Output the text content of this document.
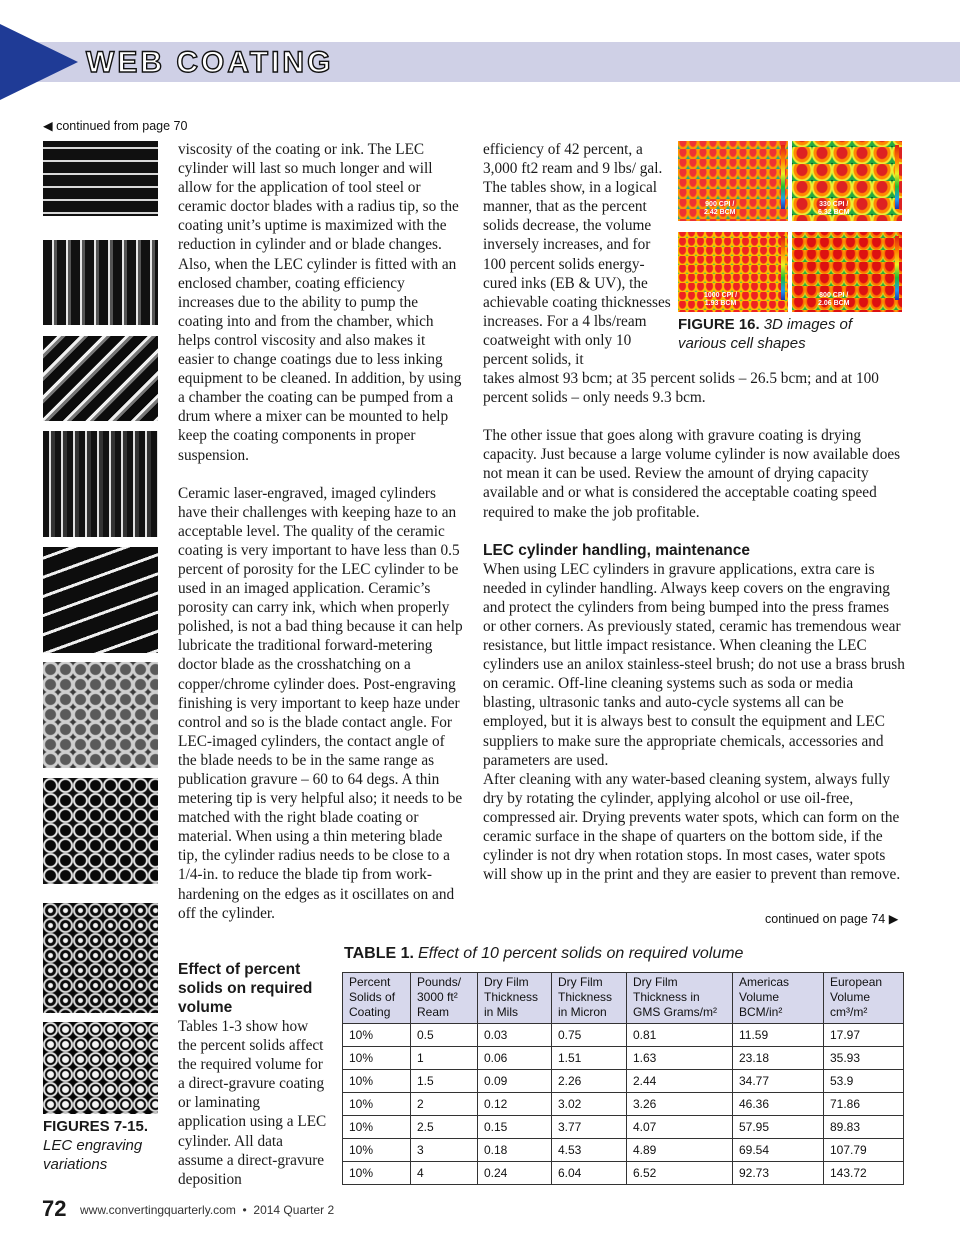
WEB COATING
◀ continued from page 70
FIGURES 7-15.
LEC engraving variations

viscosity of the coating or ink. The LEC cylinder will last so much longer and will allow for the application of tool steel or ceramic doctor blades with a radius tip, so the coating unit’s uptime is maximized with the reduction in cylinder and or blade changes. Also, when the LEC cylinder is fitted with an enclosed chamber, coating efficiency increases due to the ability to pump the coating into and from the chamber, which helps control viscosity and also makes it easier to change coatings due to less inking equipment to be cleaned. In addition, by using a chamber the coating can be pumped from a drum where a mixer can be mounted to help keep the coating components in proper suspension.

Ceramic laser-engraved, imaged cylinders have their challenges with keeping haze to an acceptable level. The quality of the ceramic coating is very important to have less than 0.5 percent of porosity for the LEC cylinder to be used in an imaged application. Ceramic’s porosity can carry ink, which when properly polished, is not a bad thing because it can help lubricate the traditional forward-metering doctor blade as the crosshatching on a copper/chrome cylinder does. Post-engraving finishing is very important to keep haze under control and so is the blade contact angle. For LEC-imaged cylinders, the contact angle of the blade needs to be in the same range as publication gravure – 60 to 64 degs. A thin metering tip is very helpful also; it needs to be matched with the right blade coating or material. When using a thin metering blade tip, the cylinder radius needs to be close to a 1/4-in. to reduce the blade tip from work-hardening on the edges as it oscillates on and off the cylinder.

Effect of percent solids on required volume

Tables 1-3 show how the percent solids affect the required volume for a direct-gravure coating or laminating application using a LEC cylinder. All data assume a direct-gravure deposition

efficiency of 42 percent, a 3,000 ft2 ream and 9 lbs/ gal. The tables show, in a logical manner, that as the percent solids decrease, the volume inversely increases, and for 100 percent solids energy-cured inks (EB & UV), the achievable coating thicknesses increases. For a 4 lbs/ream coatweight with only 10 percent solids, it

takes almost 93 bcm; at 35 percent solids – 26.5 bcm; and at 100 percent solids – only needs 9.3 bcm.

The other issue that goes along with gravure coating is drying capacity. Just because a large volume cylinder is now available does not mean it can be used. Review the amount of drying capacity available and or what is considered the acceptable coating speed required to make the job profitable.

LEC cylinder handling, maintenance

When using LEC cylinders in gravure applications, extra care is needed in cylinder handling. Always keep covers on the engraving and protect the cylinders from being bumped into the press frames or other corners. As previously stated, ceramic has tremendous wear resistance, but little impact resistance. When cleaning the LEC cylinders use an anilox stainless-steel brush; do not use a brass brush on ceramic. Off-line cleaning systems such as soda or media blasting, ultrasonic tanks and auto-cycle systems all can be employed, but it is always best to consult the equipment and LEC suppliers to make sure the appropriate chemicals, accessories and parameters are used.

After cleaning with any water-based cleaning system, always fully dry by rotating the cylinder, applying alcohol or use oil-free, compressed air. Drying prevents water spots, which can form on the ceramic surface in the shape of quarters on the bottom side, if the cylinder is not dry when rotation stops. In most cases, water spots will show up in the print and they are easier to prevent than remove.

continued on page 74 ▶
900 CPI /
2.42 BCM
330 CPI /
6.32 BCM
1000 CPI /
1.93 BCM
800 CPI /
2.06 BCM
FIGURE 16. 3D images of various cell shapes
TABLE 1. Effect of 10 percent solids on required volume
Percent Solids of Coating	Pounds/ 3000 ft² Ream	Dry Film Thickness in Mils	Dry Film Thickness in Micron	Dry Film Thickness in GMS Grams/m²	Americas Volume BCM/in²	European Volume cm³/m²
10%	0.5	0.03	0.75	0.81	11.59	17.97
10%	1	0.06	1.51	1.63	23.18	35.93
10%	1.5	0.09	2.26	2.44	34.77	53.9
10%	2	0.12	3.02	3.26	46.36	71.86
10%	2.5	0.15	3.77	4.07	57.95	89.83
10%	3	0.18	4.53	4.89	69.54	107.79
10%	4	0.24	6.04	6.52	92.73	143.72
72 www.convertingquarterly.com  •  2014 Quarter 2
